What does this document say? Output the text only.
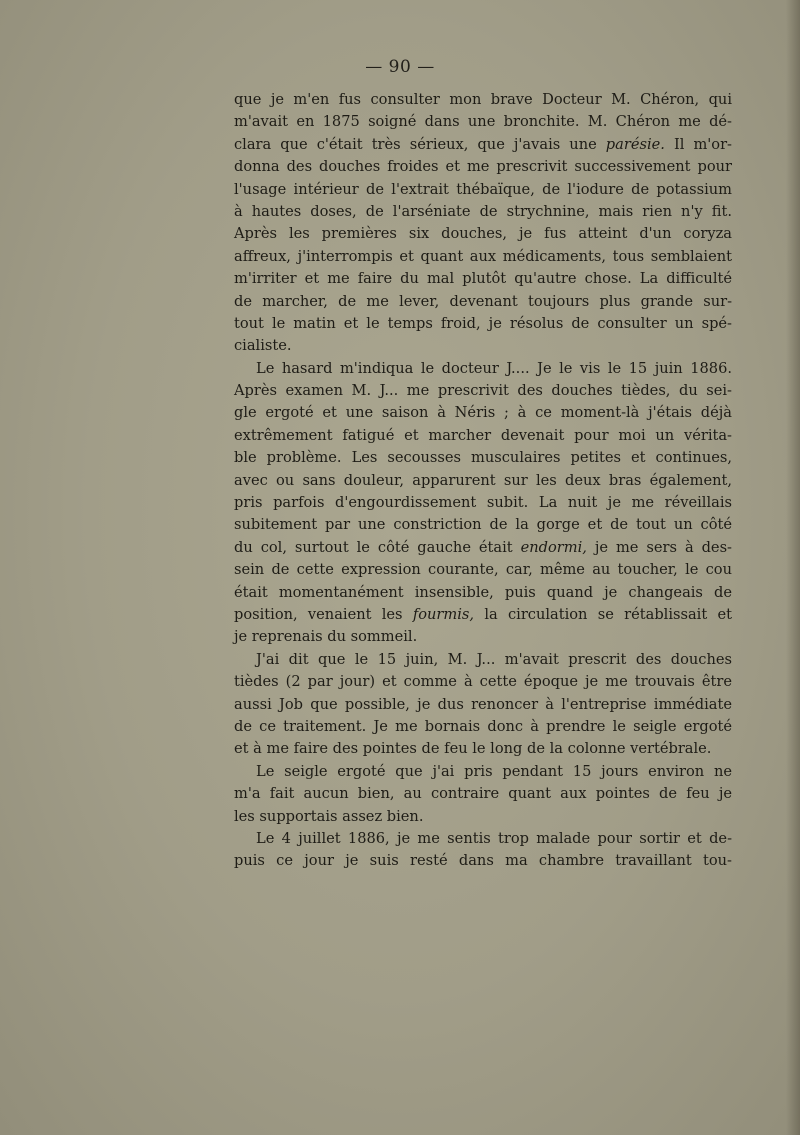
— 90 —
que je m'en fus consulter mon brave Docteur M. Chéron, qui
m'avait en 1875 soigné dans une bronchite. M. Chéron me dé-
clara que c'était très sérieux, que j'avais une parésie. Il m'or-
donna des douches froides et me prescrivit successivement pour
l'usage intérieur de l'extrait thébaïque, de l'iodure de potassium
à hautes doses, de l'arséniate de strychnine, mais rien n'y fit.
Après les premières six douches, je fus atteint d'un coryza
affreux, j'interrompis et quant aux médicaments, tous semblaient
m'irriter et me faire du mal plutôt qu'autre chose. La difficulté
de marcher, de me lever, devenant toujours plus grande sur-
tout le matin et le temps froid, je résolus de consulter un spé-
cialiste.
Le hasard m'indiqua le docteur J.... Je le vis le 15 juin 1886.
Après examen M. J... me prescrivit des douches tièdes, du sei-
gle ergoté et une saison à Néris ; à ce moment-là j'étais déjà
extrêmement fatigué et marcher devenait pour moi un vérita-
ble problème. Les secousses musculaires petites et continues,
avec ou sans douleur, apparurent sur les deux bras également,
pris parfois d'engourdissement subit. La nuit je me réveillais
subitement par une constriction de la gorge et de tout un côté
du col, surtout le côté gauche était endormi, je me sers à des-
sein de cette expression courante, car, même au toucher, le cou
était momentanément insensible, puis quand je changeais de
position, venaient les fourmis, la circulation se rétablissait et
je reprenais du sommeil.
J'ai dit que le 15 juin, M. J... m'avait prescrit des douches
tièdes (2 par jour) et comme à cette époque je me trouvais être
aussi Job que possible, je dus renoncer à l'entreprise immédiate
de ce traitement. Je me bornais donc à prendre le seigle ergoté
et à me faire des pointes de feu le long de la colonne vertébrale.
Le seigle ergoté que j'ai pris pendant 15 jours environ ne
m'a fait aucun bien, au contraire quant aux pointes de feu je
les supportais assez bien.
Le 4 juillet 1886, je me sentis trop malade pour sortir et de-
puis ce jour je suis resté dans ma chambre travaillant tou-
